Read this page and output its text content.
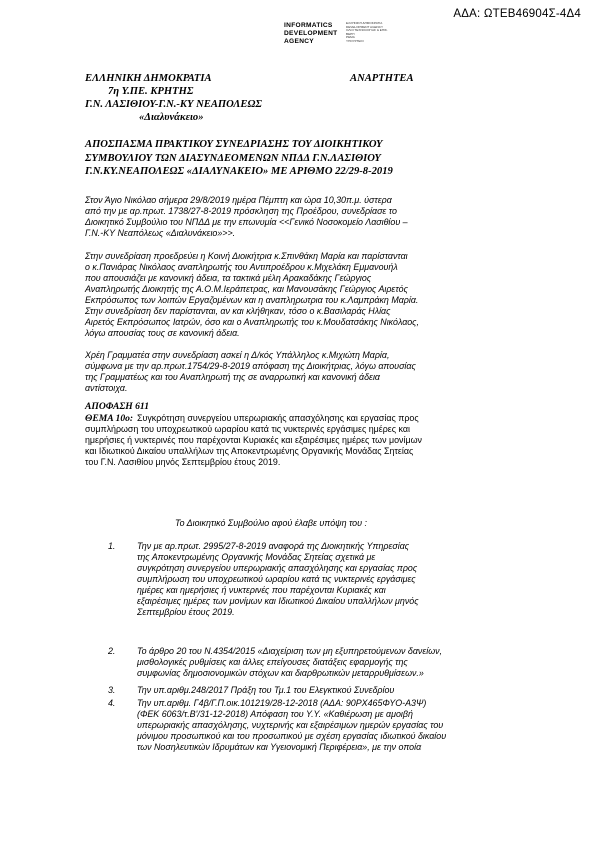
ΑΔΑ: ΩΤΕΒ46904Σ-4Δ4
INFORMATICS
DEVELOPMENT
AGENCY
ΕΛΛΗΝΙΚΗ ΔΗΜΟΚΡΑΤΙΑ
DEVELOPMENT AGENCY
ΟΛΟΙ ΤΕΧΝΟΛΟΓΙΑΣ & ΕΠΙΚ.
ΒΕΡΗ
ΡΕΜΑ
ΥΠΟΥΡΓΕΙΟ
ΕΛΛΗΝΙΚΗ ΔΗΜΟΚΡΑΤΙΑ	ΑΝΑΡΤΗΤΕΑ
7η Υ.ΠΕ. ΚΡΗΤΗΣ
Γ.Ν. ΛΑΣΙΘΙΟΥ-Γ.Ν.-ΚΥ ΝΕΑΠΟΛΕΩΣ
«Διαλυνάκειο»
ΑΠΟΣΠΑΣΜΑ ΠΡΑΚΤΙΚΟΥ ΣΥΝΕΔΡΙΑΣΗΣ ΤΟΥ ΔΙΟΙΚΗΤΙΚΟΥ
ΣΥΜΒΟΥΛΙΟΥ ΤΩΝ ΔΙΑΣΥΝΔΕΟΜΕΝΩΝ ΝΠΔΔ Γ.Ν.ΛΑΣΙΘΙΟΥ
Γ.Ν.ΚΥ.ΝΕΑΠΟΛΕΩΣ «ΔΙΑΛΥΝΑΚΕΙΟ» ΜΕ ΑΡΙΘΜΟ 22/29-8-2019
Στον Άγιο Νικόλαο σήμερα 29/8/2019 ημέρα Πέμπτη και ώρα 10,30π.μ. ύστερα
από την με αρ.πρωτ. 1738/27-8-2019 πρόσκληση της Προέδρου, συνεδρίασε το
Διοικητικό Συμβούλιο του ΝΠΔΔ με την επωνυμία <<Γενικό Νοσοκομείο Λασιθίου –
Γ.Ν.-ΚΥ Νεαπόλεως «Διαλυνάκειο»>>.
Στην συνεδρίαση προεδρεύει η Κοινή Διοικήτρια κ.Σπινθάκη Μαρία και παρίστανται
ο κ.Πανιάρας Νικόλαος αναπληρωτής του Αντιπροέδρου κ.Μιχελάκη Εμμανουήλ
που απουσιάζει με κανονική άδεια, τα τακτικά μέλη Αρακαδάκης Γεώργιος
Αναπληρωτής Διοικητής της Α.Ο.Μ.Ιεράπετρας, και Μανουσάκης Γεώργιος Αιρετός
Εκπρόσωπος των λοιπών Εργαζομένων και η αναπληρωτρια του κ.Λαμπράκη Μαρία.
Στην συνεδρίαση δεν παρίστανται, αν και κλήθηκαν, τόσο ο κ.Βασιλαράς Ηλίας
Αιρετός Εκπρόσωπος Ιατρών, όσο και ο Αναπληρωτής του κ.Μουδατσάκης Νικόλαος,
λόγω απουσίας τους σε κανονική άδεια.
Χρέη Γραμματέα στην συνεδρίαση ασκεί η Δ/κός Υπάλληλος κ.Μιχιώτη Μαρία,
σύμφωνα με την αρ.πρωτ.1754/29-8-2019 απόφαση της Διοικήτριας, λόγω απουσίας
της Γραμματέως και του Αναπληρωτή της σε αναρρωτική και κανονική άδεια
αντίστοιχα.
ΑΠΟΦΑΣΗ 611
ΘΕΜΑ 10ο: Συγκρότηση συνεργείου υπερωριακής απασχόλησης και εργασίας προς
συμπλήρωση του υποχρεωτικού ωραρίου κατά τις νυκτερινές εργάσιμες ημέρες και
ημερήσιες ή νυκτερινές που παρέχονται Κυριακές και εξαιρέσιμες ημέρες των μονίμων
και Ιδιωτικού Δικαίου υπαλλήλων της Αποκεντρωμένης Οργανικής Μονάδας Σητείας
του Γ.Ν. Λασιθίου μηνός Σεπτεμβρίου έτους 2019.
Το Διοικητικό Συμβούλιο αφού έλαβε υπόψη του :
1. Την με αρ.πρωτ. 2995/27-8-2019 αναφορά της Διοικητικής Υπηρεσίας
της Αποκεντρωμένης Οργανικής Μονάδας Σητείας σχετικά με
συγκρότηση συνεργείου υπερωριακής απασχόλησης και εργασίας προς
συμπλήρωση του υποχρεωτικού ωραρίου κατά τις νυκτερινές εργάσιμες
ημέρες και ημερήσιες ή νυκτερινές που παρέχονται Κυριακές και
εξαιρέσιμες ημέρες των μονίμων και Ιδιωτικού Δικαίου υπαλλήλων μηνός
Σεπτεμβρίου έτους 2019.
2. Το άρθρο 20 του Ν.4354/2015 «Διαχείριση των μη εξυπηρετούμενων δανείων,
μισθολογικές ρυθμίσεις και άλλες επείγουσες διατάξεις εφαρμογής της
συμφωνίας δημοσιονομικών στόχων και διαρθρωτικών μεταρρυθμίσεων.»
3. Την υπ.αριθμ.248/2017 Πράξη του Τμ.1 του Ελεγκτικού Συνεδρίου
4. Την υπ.αριθμ. Γ4β/Γ.Π.οικ.101219/28-12-2018 (ΑΔΑ: 90ΡΧ465ΦΥΟ-Α3Ψ)
(ΦΕΚ 6063/τ.Β'/31-12-2018) Απόφαση του Υ.Υ. «Καθιέρωση με αμοιβή
υπερωριακής απασχόλησης, νυχτερινής και εξαιρέσιμων ημερών εργασίας του
μόνιμου προσωπικού και του προσωπικού με σχέση εργασίας ιδιωτικού δικαίου
των Νοσηλευτικών Ιδρυμάτων και Υγειονομική Περιφέρεια», με την οποία
